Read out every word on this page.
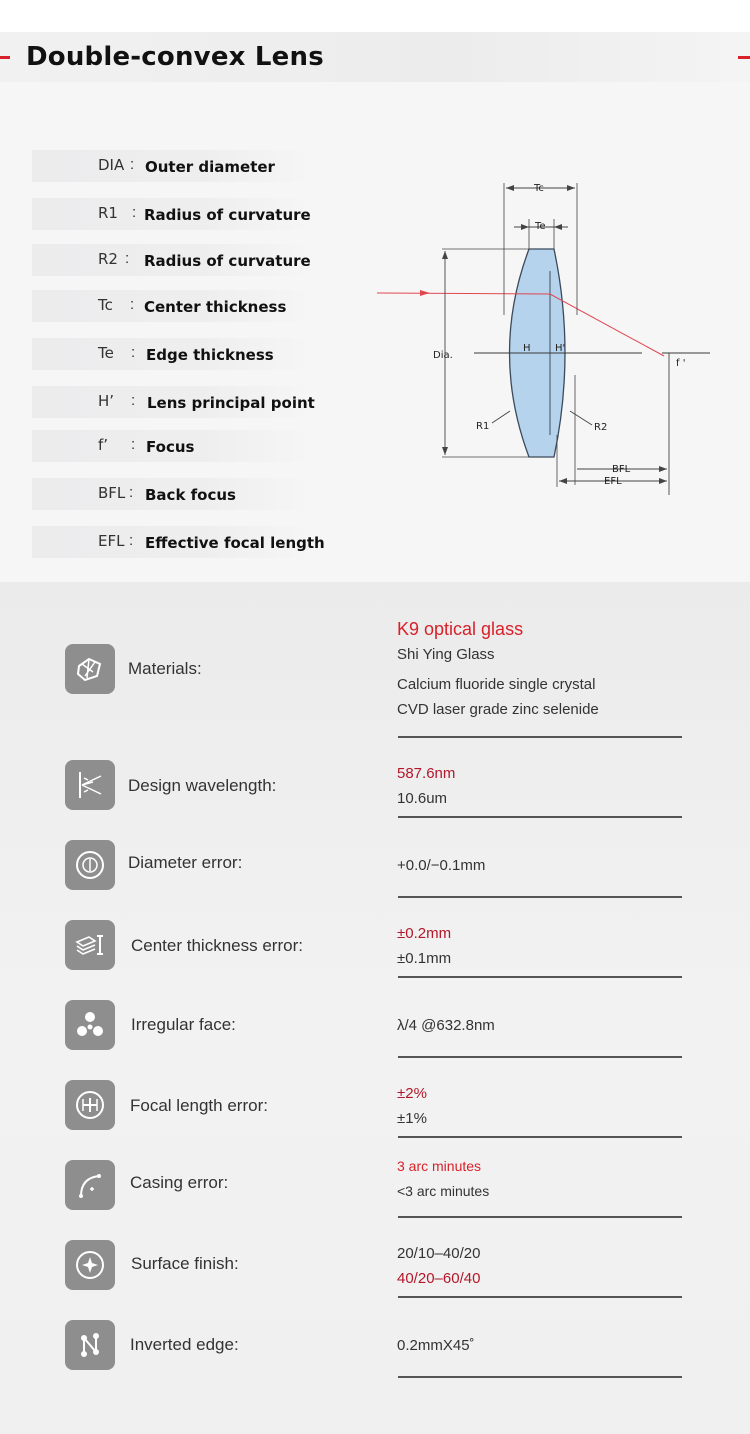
Double-convex Lens
DIA : Outer diameter
R1 : Radius of curvature
R2 : Radius of curvature
Tc : Center thickness
Te : Edge thickness
H’ : Lens principal point
f’ : Focus
BFL : Back focus
EFL : Effective focal length
Tc
Te
Dia.
H H'
f '
R1	R2
BFL
EFL
Materials:
K9 optical glass
Shi Ying Glass
Calcium fluoride single crystal
CVD laser grade zinc selenide
Design wavelength:
587.6nm
10.6um
Diameter error:	+0.0/−0.1mm
Center thickness error:
±0.2mm
±0.1mm
Irregular face:	λ/4 @632.8nm
Focal length error:
±2%
±1%
Casing error:
3 arc minutes
<3 arc minutes
Surface finish:
20/10–40/20
40/20–60/40
Inverted edge:	0.2mmX45˚
